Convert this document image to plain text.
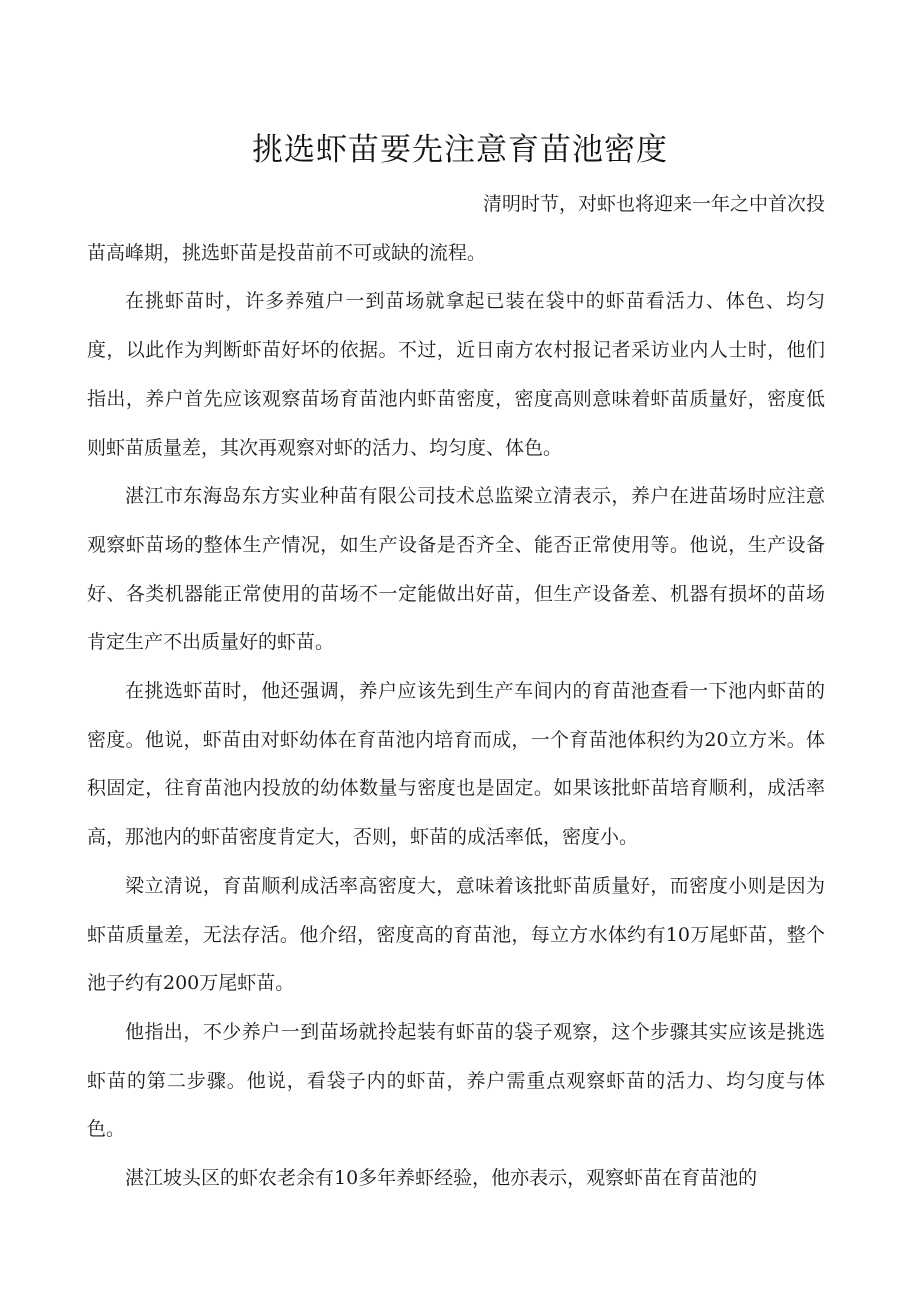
挑选虾苗要先注意育苗池密度

清明时节，对虾也将迎来一年之中首次投
苗高峰期，挑选虾苗是投苗前不可或缺的流程。

在挑虾苗时，许多养殖户一到苗场就拿起已装在袋中的虾苗看活力、体色、均匀度，以此作为判断虾苗好坏的依据。不过，近日南方农村报记者采访业内人士时，他们指出，养户首先应该观察苗场育苗池内虾苗密度，密度高则意味着虾苗质量好，密度低则虾苗质量差，其次再观察对虾的活力、均匀度、体色。

湛江市东海岛东方实业种苗有限公司技术总监梁立清表示，养户在进苗场时应注意观察虾苗场的整体生产情况，如生产设备是否齐全、能否正常使用等。他说，生产设备好、各类机器能正常使用的苗场不一定能做出好苗，但生产设备差、机器有损坏的苗场肯定生产不出质量好的虾苗。

在挑选虾苗时，他还强调，养户应该先到生产车间内的育苗池查看一下池内虾苗的密度。他说，虾苗由对虾幼体在育苗池内培育而成，一个育苗池体积约为20立方米。体积固定，往育苗池内投放的幼体数量与密度也是固定。如果该批虾苗培育顺利，成活率高，那池内的虾苗密度肯定大，否则，虾苗的成活率低，密度小。

梁立清说，育苗顺利成活率高密度大，意味着该批虾苗质量好，而密度小则是因为虾苗质量差，无法存活。他介绍，密度高的育苗池，每立方水体约有10万尾虾苗，整个池子约有200万尾虾苗。

他指出，不少养户一到苗场就拎起装有虾苗的袋子观察，这个步骤其实应该是挑选虾苗的第二步骤。他说，看袋子内的虾苗，养户需重点观察虾苗的活力、均匀度与体色。

湛江坡头区的虾农老余有10多年养虾经验，他亦表示，观察虾苗在育苗池的
